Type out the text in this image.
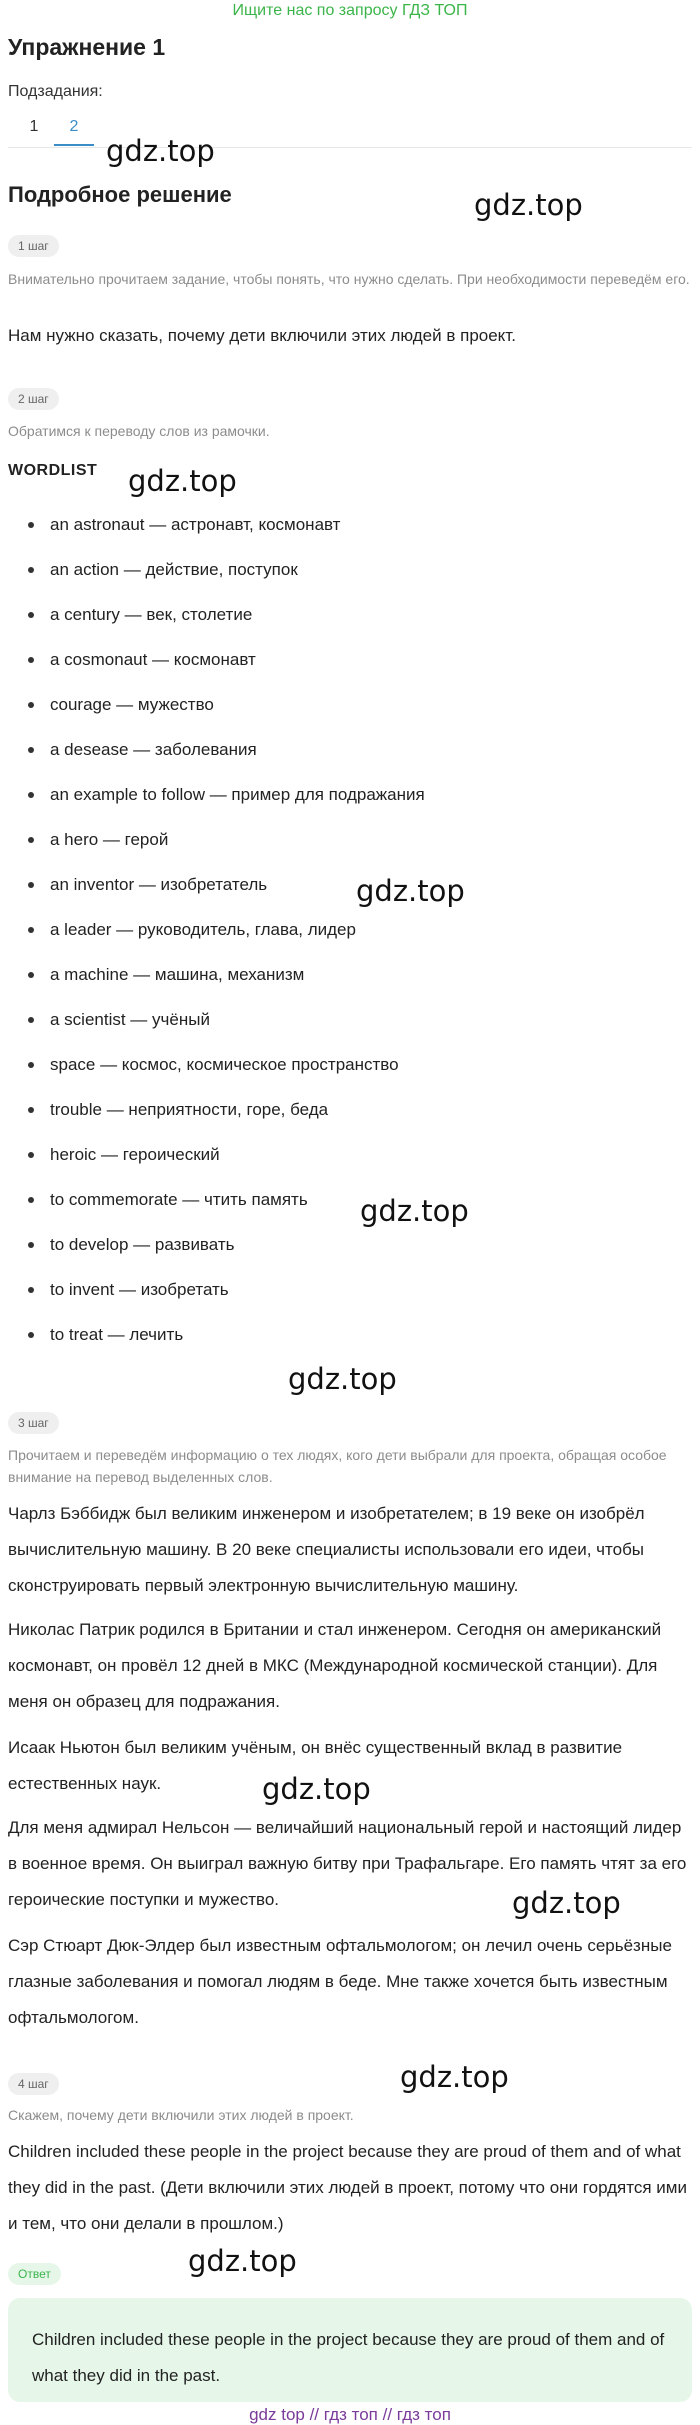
Ищите нас по запросу ГДЗ ТОП
Упражнение 1
Подзадания:
1	2
gdz.top
Подробное решение	gdz.top
1 шаг
Внимательно прочитаем задание, чтобы понять, что нужно сделать. При необходимости переведём его.
Нам нужно сказать, почему дети включили этих людей в проект.
2 шаг
Обратимся к переводу слов из рамочки.
WORDLIST gdz.top
an astronaut — астронавт, космонавт
an action — действие, поступок
a century — век, столетие
a cosmonaut — космонавт
courage — мужество
a desease — заболевания
an example to follow — пример для подражания
a hero — герой
an inventor — изобретатель
a leader — руководитель, глава, лидер
a machine — машина, механизм
a scientist — учёный
space — космос, космическое пространство
trouble — неприятности, горе, беда
heroic — героический
to commemorate — чтить память
to develop — развивать
to invent — изобретать
to treat — лечить
gdz.top
gdz.top
gdz.top
3 шаг
Прочитаем и переведём информацию о тех людях, кого дети выбрали для проекта, обращая особое внимание на перевод выделенных слов.
Чарлз Бэббидж был великим инженером и изобретателем; в 19 веке он изобрёл вычислительную машину. В 20 веке специалисты использовали его идеи, чтобы сконструировать первый электронную вычислительную машину.
Николас Патрик родился в Британии и стал инженером. Сегодня он американский космонавт, он провёл 12 дней в МКС (Международной космической станции). Для меня он образец для подражания.
Исаак Ньютон был великим учёным, он внёс существенный вклад в развитие естественных наук.	gdz.top
Для меня адмирал Нельсон — величайший национальный герой и настоящий лидер в военное время. Он выиграл важную битву при Трафальгаре. Его память чтят за его героические поступки и мужество.	gdz.top
Сэр Стюарт Дюк-Элдер был известным офтальмологом; он лечил очень серьёзные глазные заболевания и помогал людям в беде. Мне также хочется быть известным офтальмологом.
gdz.top
4 шаг
Скажем, почему дети включили этих людей в проект.
Children included these people in the project because they are proud of them and of what they did in the past. (Дети включили этих людей в проект, потому что они гордятся ими и тем, что они делали в прошлом.)
Ответ	gdz.top
Children included these people in the project because they are proud of them and of what they did in the past.
gdz top // гдз топ // гдз топ
